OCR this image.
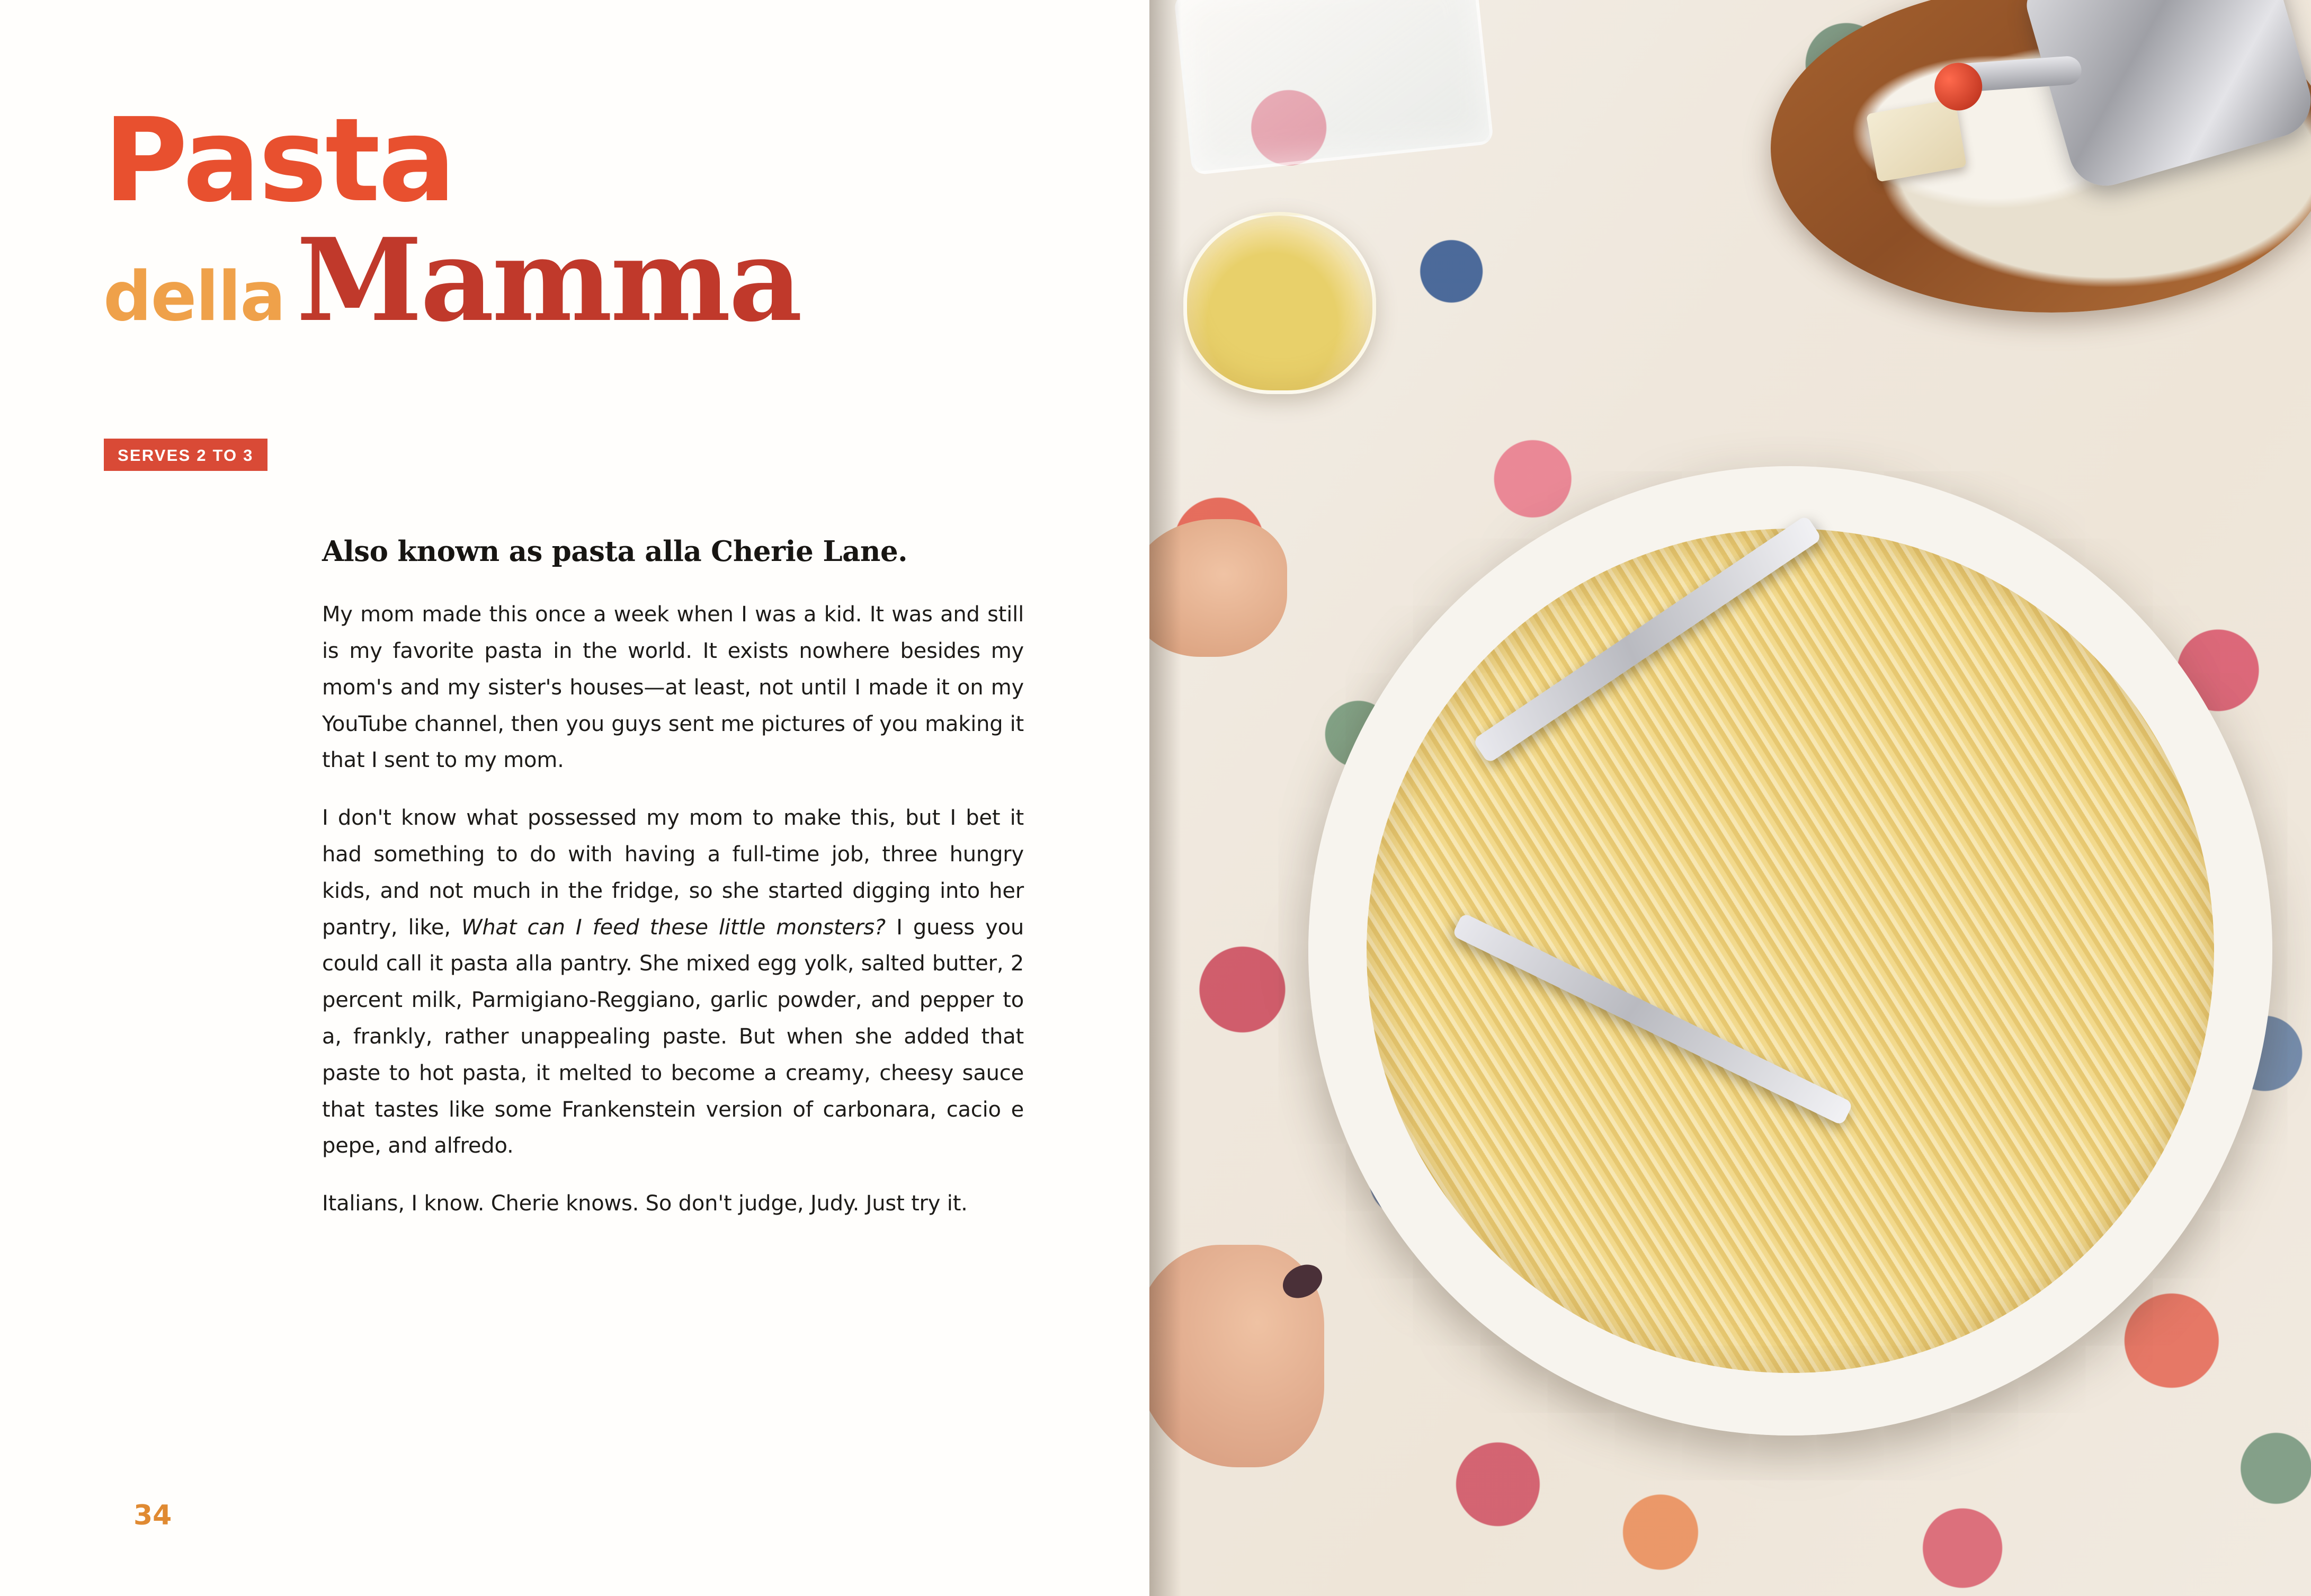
Pasta
della Mamma
SERVES 2 TO 3

Also known as pasta alla Cherie Lane.

My mom made this once a week when I was a kid. It was and still is my favorite pasta in the world. It exists nowhere besides my mom's and my sister's houses—at least, not until I made it on my YouTube channel, then you guys sent me pictures of you making it that I sent to my mom.

I don't know what possessed my mom to make this, but I bet it had something to do with having a full-time job, three hungry kids, and not much in the fridge, so she started digging into her pantry, like, What can I feed these little monsters? I guess you could call it pasta alla pantry. She mixed egg yolk, salted butter, 2 percent milk, Parmigiano-Reggiano, garlic powder, and pepper to a, frankly, rather unappealing paste. But when she added that paste to hot pasta, it melted to become a creamy, cheesy sauce that tastes like some Frankenstein version of carbonara, cacio e pepe, and alfredo.

Italians, I know. Cherie knows. So don't judge, Judy. Just try it.

34
